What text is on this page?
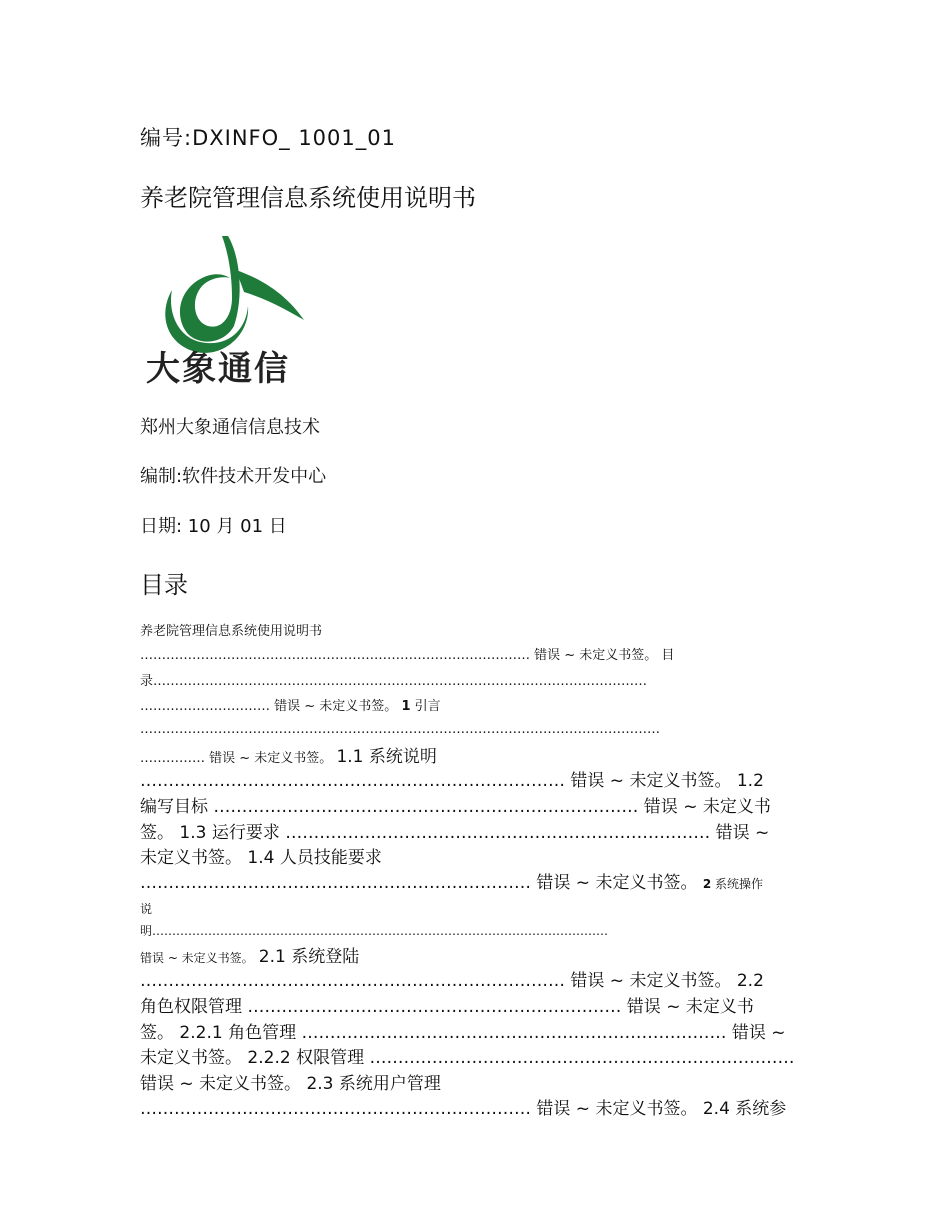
编号:DXINFO_ 1001_01
养老院管理信息系统使用说明书
大象通信
郑州大象通信信息技术
编制:软件技术开发中心
日期: 10 月 01 日
目录
养老院管理信息系统使用说明书
……………………………………………………………………………… 错误 ~ 未定义书签。 目
录……………………………………………………………………………………………………
………………………… 错误 ~ 未定义书签。 1 引言
…………………………………………………………………………………………………………
…………… 错误 ~ 未定义书签。 1.1 系统说明
………………………………………………………………… 错误 ~ 未定义书签。 1.2
编写目标 ………………………………………………………………… 错误 ~ 未定义书
签。 1.3 运行要求 ………………………………………………………………… 错误 ~
未定义书签。 1.4 人员技能要求
…………………………………………………………… 错误 ~ 未定义书签。 2 系统操作
说
明……………………………………………………………………………………………………
错误 ~ 未定义书签。 2.1 系统登陆
………………………………………………………………… 错误 ~ 未定义书签。 2.2
角色权限管理 ………………………………………………………… 错误 ~ 未定义书
签。 2.2.1 角色管理 ………………………………………………………………… 错误 ~
未定义书签。 2.2.2 权限管理 …………………………………………………………………
错误 ~ 未定义书签。 2.3 系统用户管理
…………………………………………………………… 错误 ~ 未定义书签。 2.4 系统参
